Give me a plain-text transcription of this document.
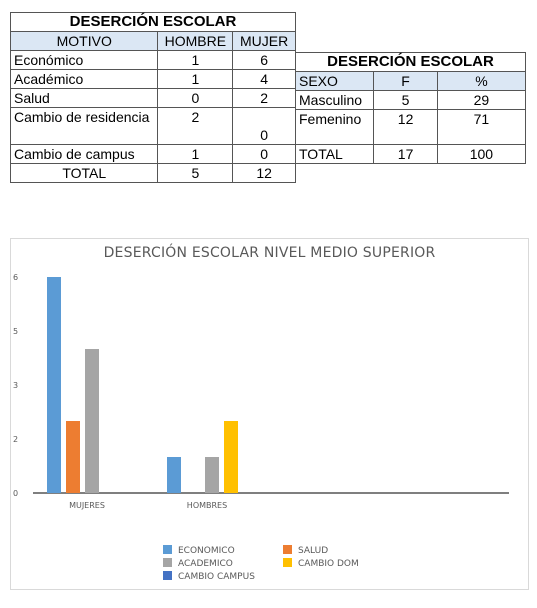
DESERCIÓN ESCOLAR		
MOTIVO	HOMBRE	MUJER
Económico	1	6
Académico	1	4
Salud	0	2
Cambio de residencia	2	0
Cambio de campus	1	0
TOTAL	5	12
DESERCIÓN ESCOLAR		
SEXO	F	%
Masculino	5	29
Femenino	12	71
TOTAL	17	100
DESERCIÓN ESCOLAR NIVEL MEDIO SUPERIOR
0
2
3
5
6
MUJERES	HOMBRES
ECONOMICO	SALUD
ACADEMICO	CAMBIO DOM
CAMBIO CAMPUS
